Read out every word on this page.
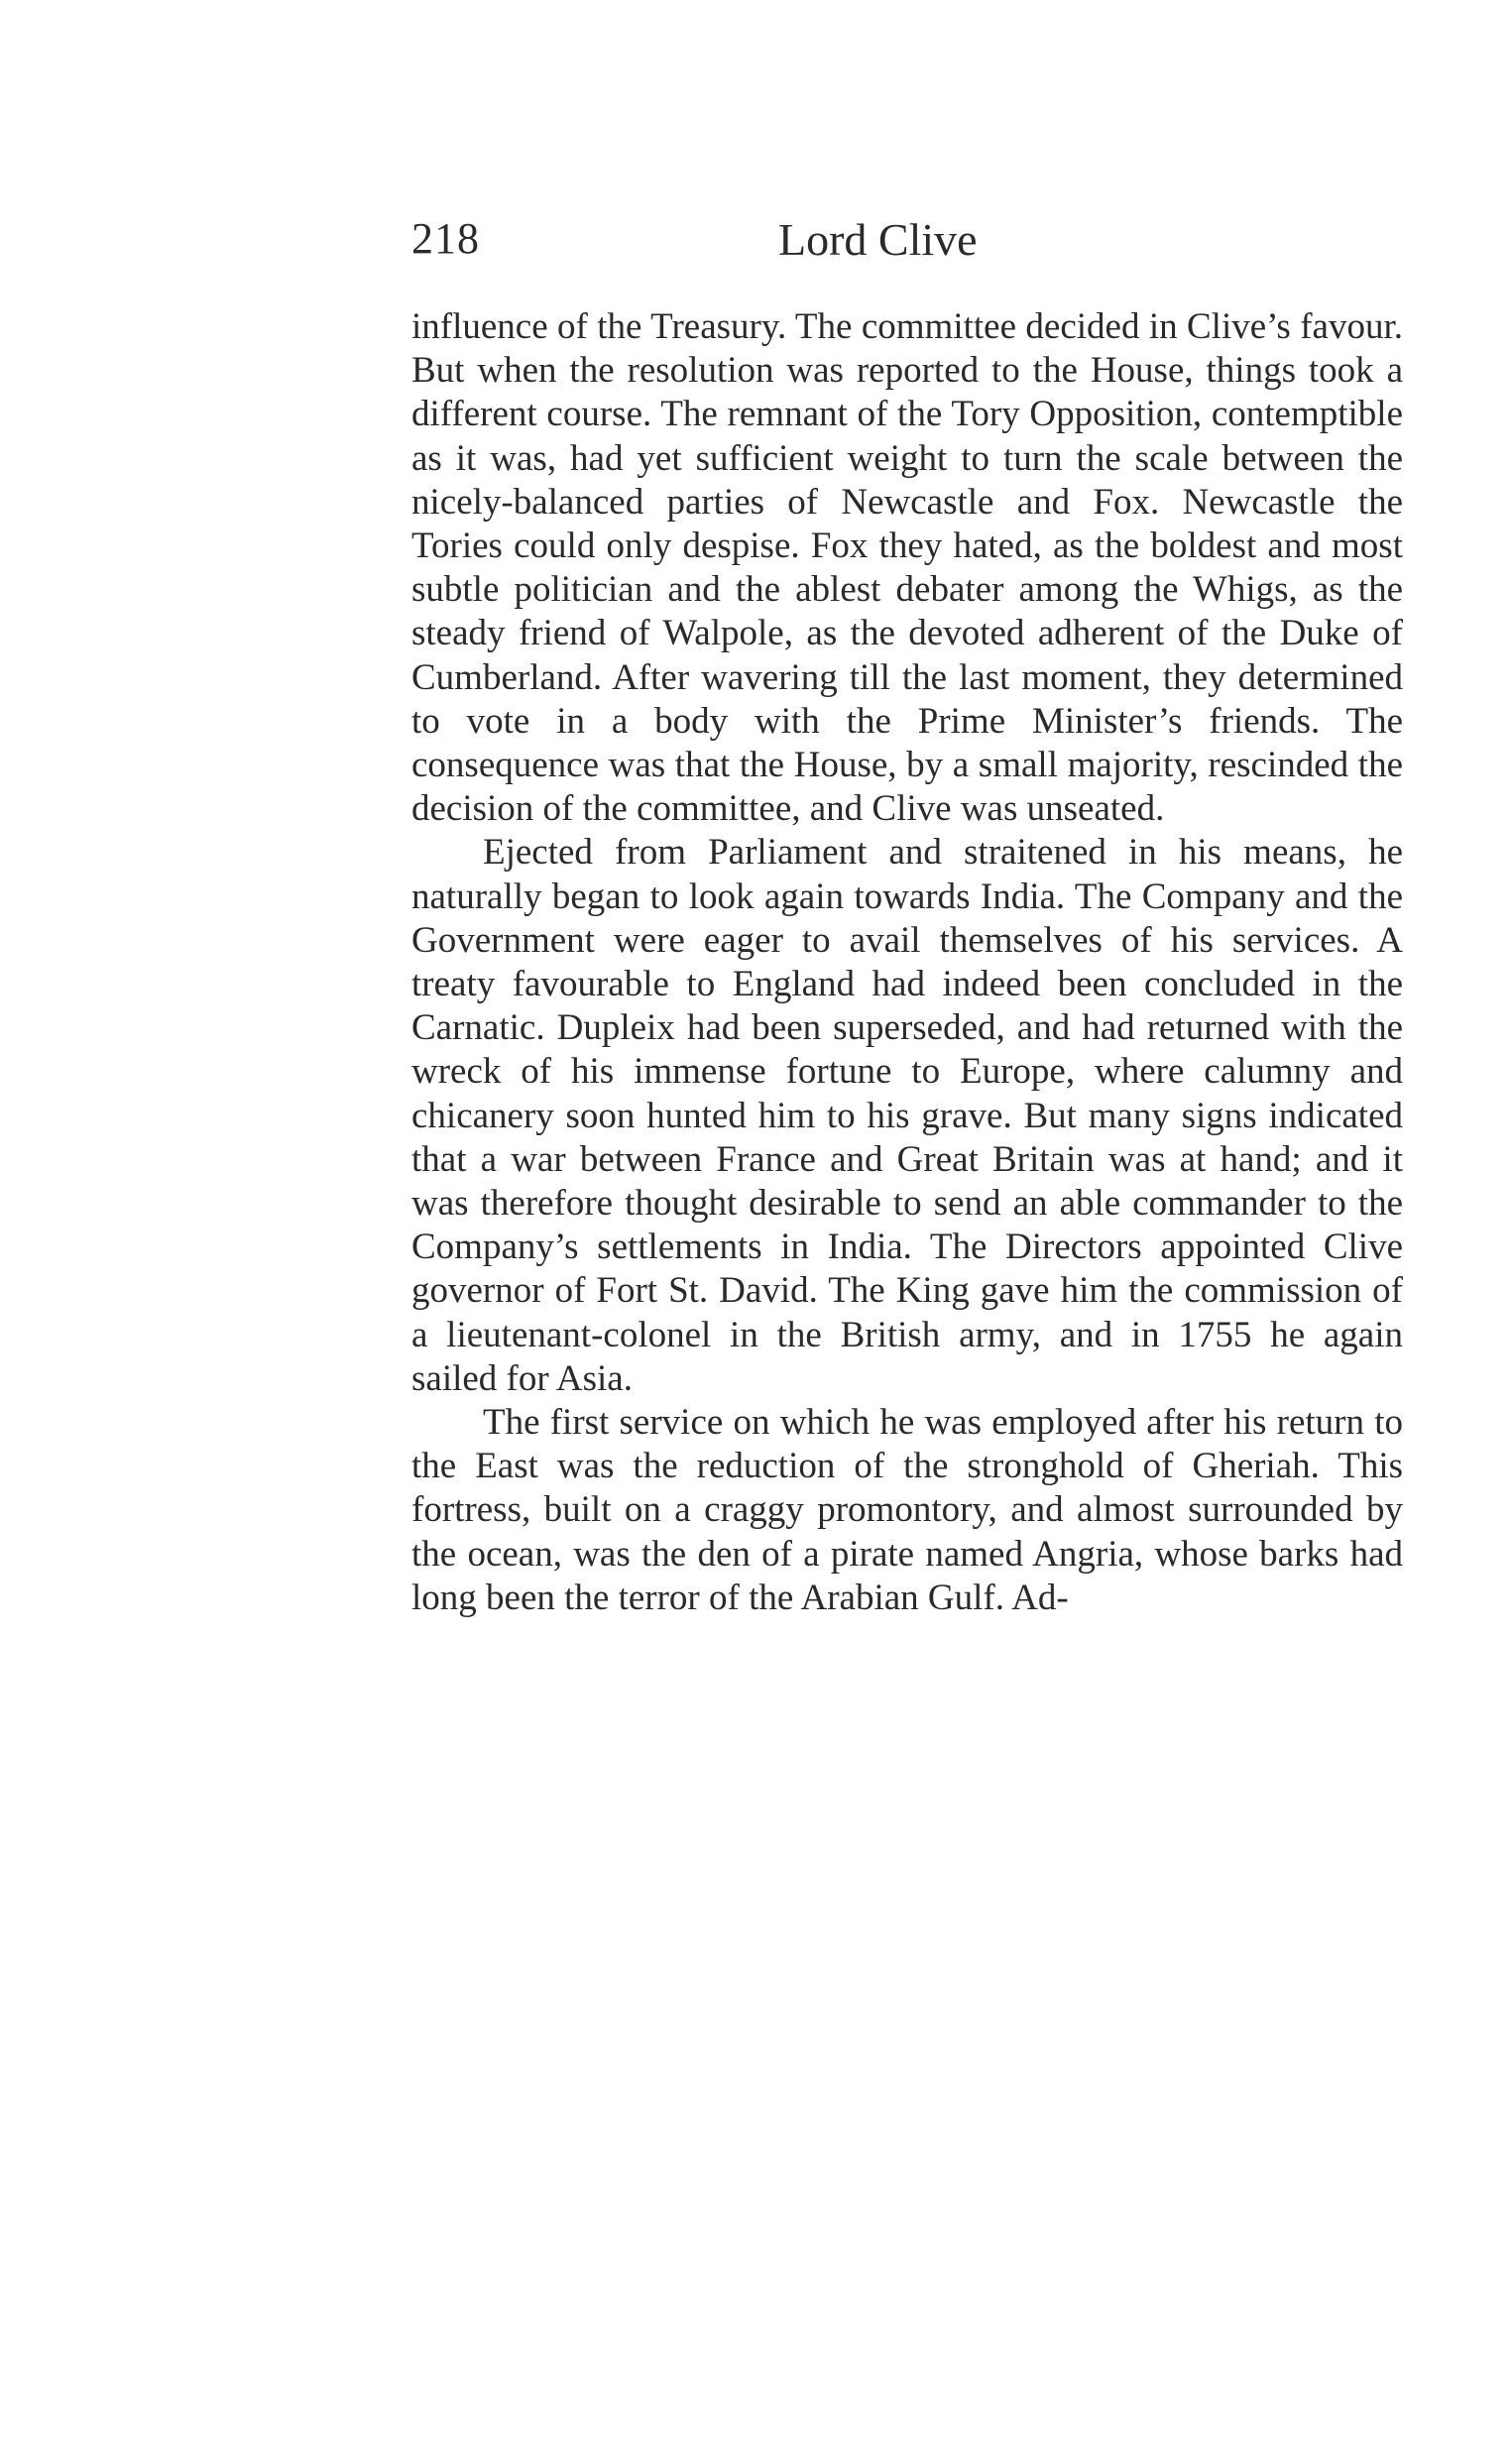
218	Lord Clive

influence of the Treasury. The committee decided in Clive’s favour. But when the resolution was reported to the House, things took a different course. The remnant of the Tory Opposition, contemptible as it was, had yet sufficient weight to turn the scale between the nicely-balanced parties of Newcastle and Fox. Newcastle the Tories could only despise. Fox they hated, as the boldest and most subtle politician and the ablest debater among the Whigs, as the steady friend of Walpole, as the devoted adherent of the Duke of Cumberland. After wavering till the last moment, they determined to vote in a body with the Prime Minister’s friends. The consequence was that the House, by a small majority, rescinded the decision of the committee, and Clive was unseated.

Ejected from Parliament and straitened in his means, he naturally began to look again towards India. The Company and the Government were eager to avail themselves of his services. A treaty favourable to England had indeed been concluded in the Carnatic. Dupleix had been superseded, and had returned with the wreck of his immense fortune to Europe, where calumny and chicanery soon hunted him to his grave. But many signs indicated that a war between France and Great Britain was at hand; and it was therefore thought desirable to send an able commander to the Company’s settlements in India. The Directors appointed Clive governor of Fort St. David. The King gave him the commission of a lieutenant-colonel in the British army, and in 1755 he again sailed for Asia.

The first service on which he was employed after his return to the East was the reduction of the stronghold of Gheriah. This fortress, built on a craggy promontory, and almost surrounded by the ocean, was the den of a pirate named Angria, whose barks had long been the terror of the Arabian Gulf. Ad-
